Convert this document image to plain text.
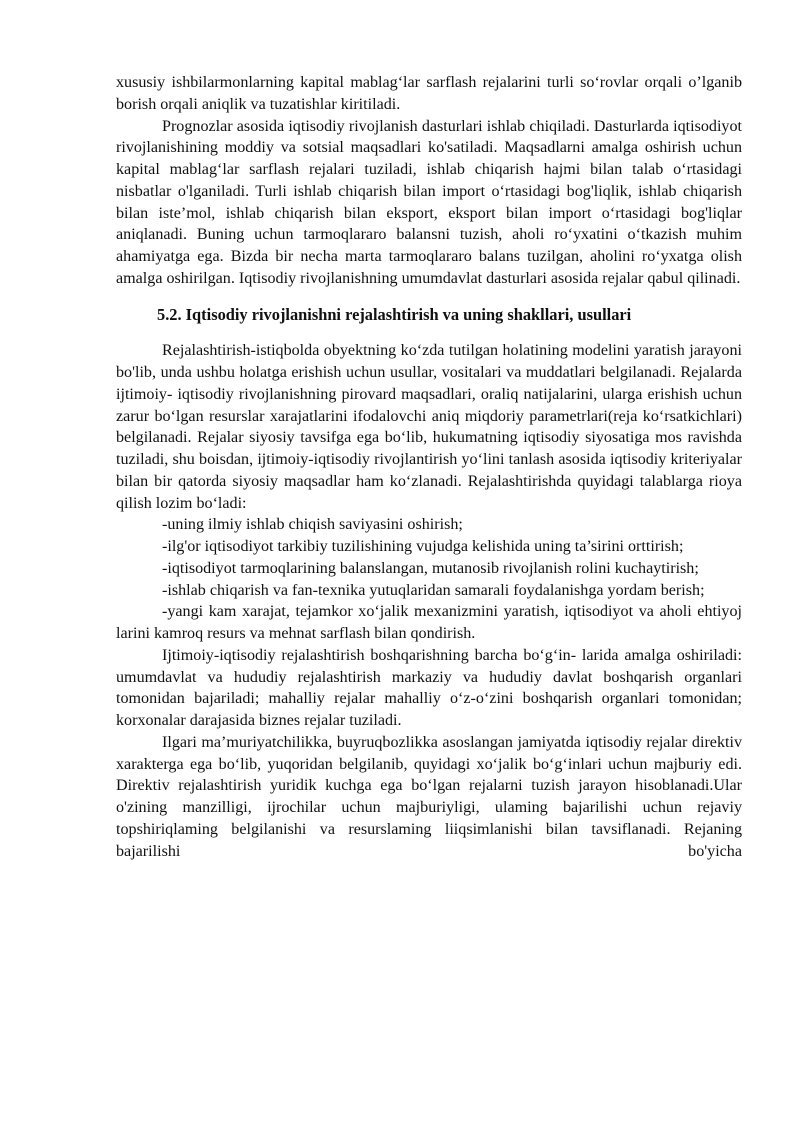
xususiy ishbilarmonlarning kapital mablag‘lar sarflash rejalarini turli so‘rovlar orqali o’lganib borish orqali aniqlik va tuzatishlar kiritiladi.

Prognozlar asosida iqtisodiy rivojlanish dasturlari ishlab chiqiladi. Dasturlarda iqtisodiyot rivojlanishining moddiy va sotsial maqsadlari ko'satiladi. Maqsadlarni amalga oshirish uchun kapital mablag‘lar sarflash rejalari tuziladi, ishlab chiqarish hajmi bilan talab o‘rtasidagi nisbatlar o'lganiladi. Turli ishlab chiqarish bilan import o‘rtasidagi bog'liqlik, ishlab chiqarish bilan iste’mol, ishlab chiqarish bilan eksport, eksport bilan import o‘rtasidagi bog'liqlar aniqlanadi. Buning uchun tarmoqlararo balansni tuzish, aholi ro‘yxatini o‘tkazish muhim ahamiyatga ega. Bizda bir necha marta tarmoqlararo balans tuzilgan, aholini ro‘yxatga olish amalga oshirilgan. Iqtisodiy rivojlanishning umumdavlat dasturlari asosida rejalar qabul qilinadi.

5.2. Iqtisodiy rivojlanishni rejalashtirish va uning shakllari, usullari

Rejalashtirish-istiqbolda obyektning ko‘zda tutilgan holatining modelini yaratish jarayoni bo'lib, unda ushbu holatga erishish uchun usullar, vositalari va muddatlari belgilanadi. Rejalarda ijtimoiy- iqtisodiy rivojlanishning pirovard maqsadlari, oraliq natijalarini, ularga erishish uchun zarur bo‘lgan resurslar xarajatlarini ifodalovchi aniq miqdoriy parametrlari(reja ko‘rsatkichlari) belgilanadi. Rejalar siyosiy tavsifga ega bo‘lib, hukumatning iqtisodiy siyosatiga mos ravishda tuziladi, shu boisdan, ijtimoiy-iqtisodiy rivojlantirish yo‘lini tanlash asosida iqtisodiy kriteriyalar bilan bir qatorda siyosiy maqsadlar ham ko‘zlanadi. Rejalashtirishda quyidagi talablarga rioya qilish lozim bo‘ladi:

-uning ilmiy ishlab chiqish saviyasini oshirish;

-ilg'or iqtisodiyot tarkibiy tuzilishining vujudga kelishida uning ta’sirini orttirish;

-iqtisodiyot tarmoqlarining balanslangan, mutanosib rivojlanish rolini kuchaytirish;

-ishlab chiqarish va fan-texnika yutuqlaridan samarali foydalanishga yordam berish;

-yangi kam xarajat, tejamkor xo‘jalik mexanizmini yaratish, iqtisodiyot va aholi ehtiyoj larini kamroq resurs va mehnat sarflash bilan qondirish.

Ijtimoiy-iqtisodiy rejalashtirish boshqarishning barcha bo‘g‘in- larida amalga oshiriladi: umumdavlat va hududiy rejalashtirish markaziy va hududiy davlat boshqarish organlari tomonidan bajariladi; mahalliy rejalar mahalliy o‘z-o‘zini boshqarish organlari tomonidan; korxonalar darajasida biznes rejalar tuziladi.

Ilgari ma’muriyatchilikka, buyruqbozlikka asoslangan jamiyatda iqtisodiy rejalar direktiv xarakterga ega bo‘lib, yuqoridan belgilanib, quyidagi xo‘jalik bo‘g‘inlari uchun majburiy edi. Direktiv rejalashtirish yuridik kuchga ega bo‘lgan rejalarni tuzish jarayon hisoblanadi.Ular o'zining manzilligi, ijrochilar uchun majburiyligi, ulaming bajarilishi uchun rejaviy topshiriqlaming belgilanishi va resurslaming liiqsimlanishi bilan tavsiflanadi. Rejaning bajarilishi bo'yicha
